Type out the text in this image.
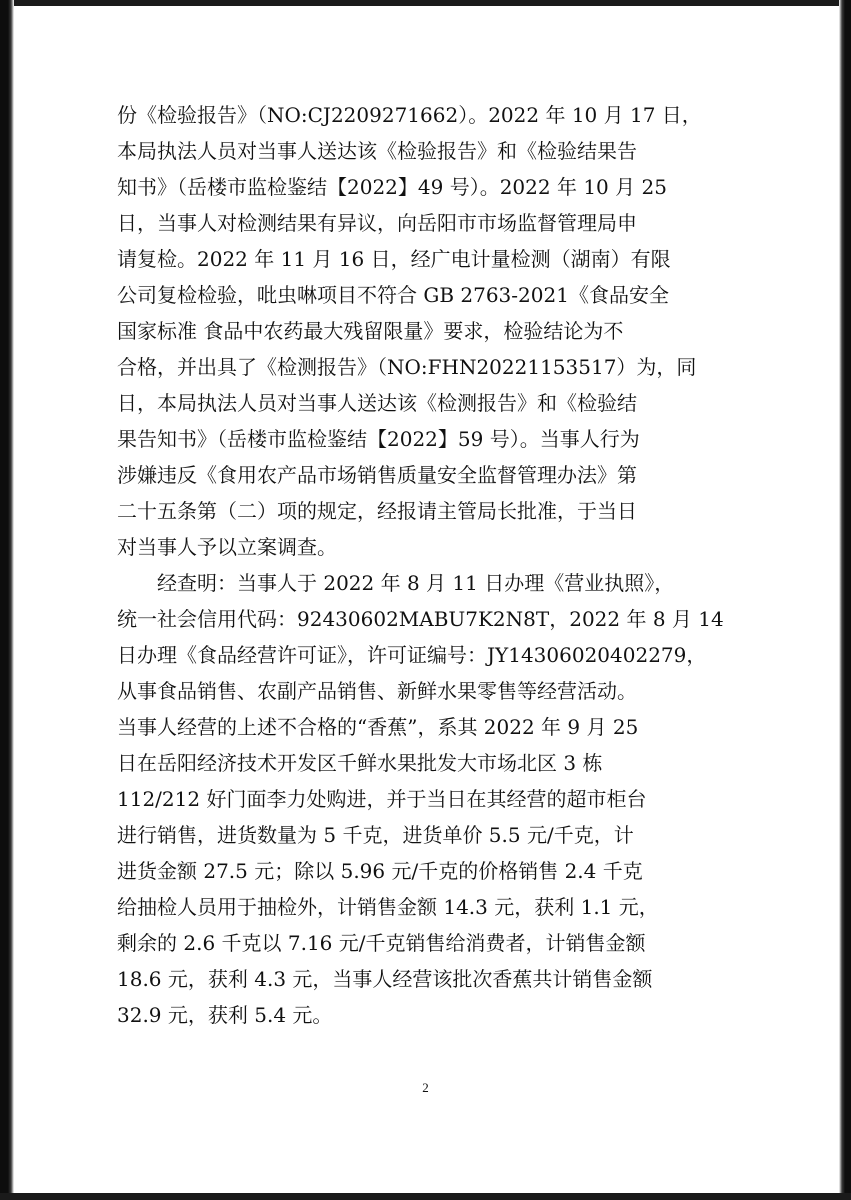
份《检验报告》（NO:CJ2209271662）。2022 年 10 月 17 日，
本局执法人员对当事人送达该《检验报告》和《检验结果告
知书》（岳楼市监检鉴结【2022】49 号）。2022 年 10 月 25
日，当事人对检测结果有异议，向岳阳市市场监督管理局申
请复检。2022 年 11 月 16 日，经广电计量检测（湖南）有限
公司复检检验，吡虫啉项目不符合 GB 2763-2021《食品安全
国家标准 食品中农药最大残留限量》要求，检验结论为不
合格，并出具了《检测报告》（NO:FHN20221153517）为，同
日，本局执法人员对当事人送达该《检测报告》和《检验结
果告知书》（岳楼市监检鉴结【2022】59 号）。当事人行为
涉嫌违反《食用农产品市场销售质量安全监督管理办法》第
二十五条第（二）项的规定，经报请主管局长批准，于当日
对当事人予以立案调查。
　　经查明：当事人于 2022 年 8 月 11 日办理《营业执照》，
统一社会信用代码：92430602MABU7K2N8T，2022 年 8 月 14
日办理《食品经营许可证》，许可证编号：JY14306020402279，
从事食品销售、农副产品销售、新鲜水果零售等经营活动。
当事人经营的上述不合格的“香蕉”，系其 2022 年 9 月 25
日在岳阳经济技术开发区千鲜水果批发大市场北区 3 栋
112/212 好门面李力处购进，并于当日在其经营的超市柜台
进行销售，进货数量为 5 千克，进货单价 5.5 元/千克，计
进货金额 27.5 元；除以 5.96 元/千克的价格销售 2.4 千克
给抽检人员用于抽检外，计销售金额 14.3 元，获利 1.1 元，
剩余的 2.6 千克以 7.16 元/千克销售给消费者，计销售金额
18.6 元，获利 4.3 元，当事人经营该批次香蕉共计销售金额
32.9 元，获利 5.4 元。
2
